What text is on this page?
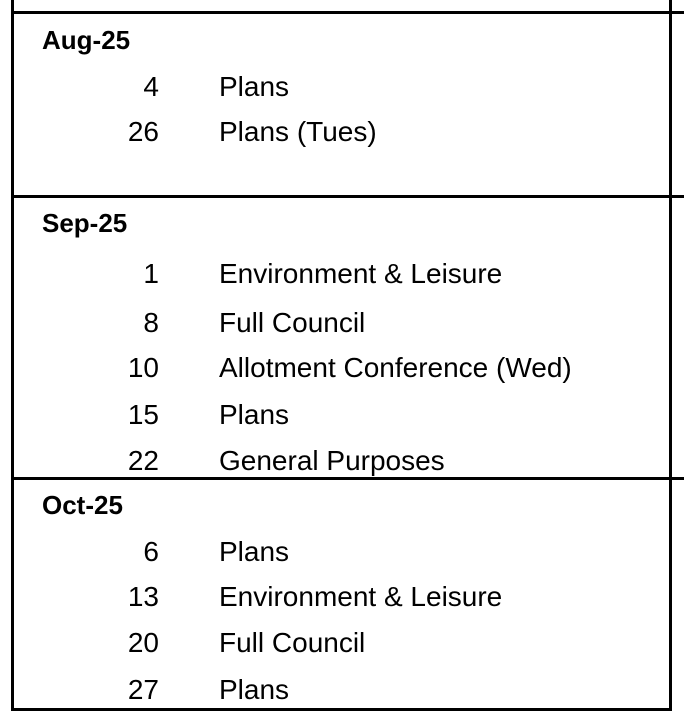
Aug-25
4 Plans
26 Plans (Tues)
Sep-25
1 Environment & Leisure
8 Full Council
10 Allotment Conference (Wed)
15 Plans
22 General Purposes
Oct-25
6 Plans
13 Environment & Leisure
20 Full Council
27 Plans
